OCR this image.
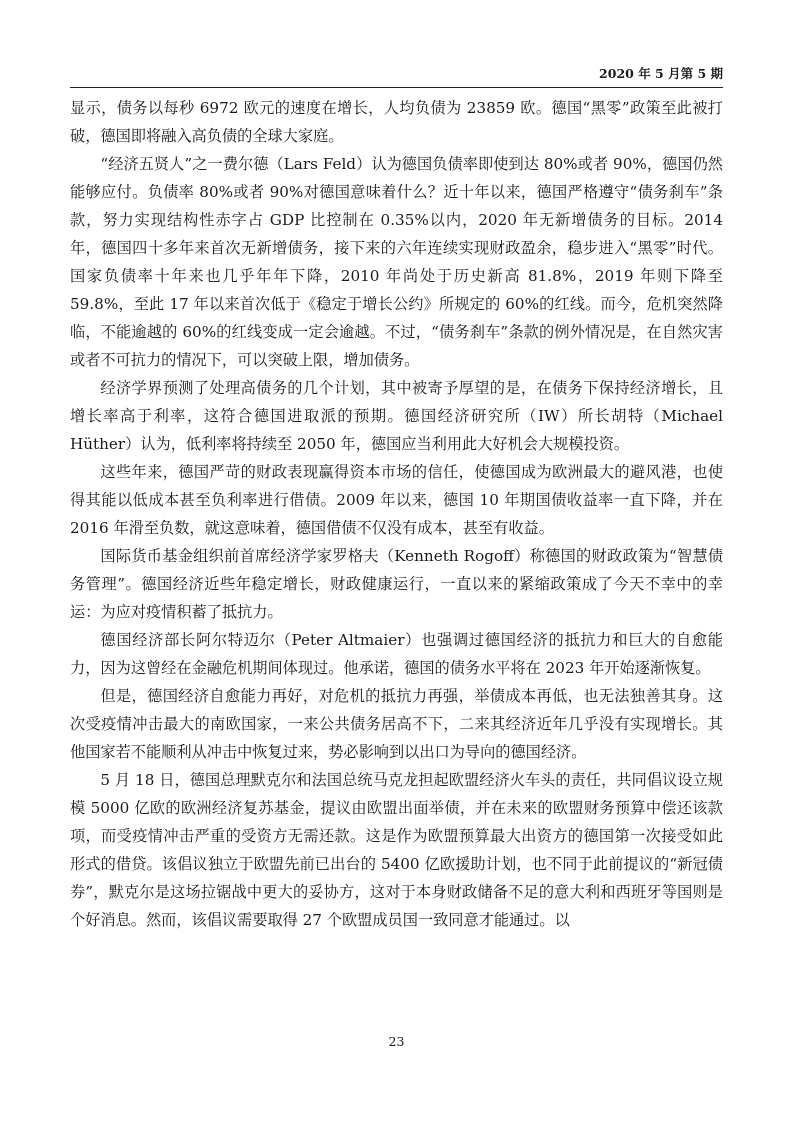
2020 年 5 月第 5 期

显示，债务以每秒 6972 欧元的速度在增长，人均负债为 23859 欧。德国“黑零”政策至此被打破，德国即将融入高负债的全球大家庭。

“经济五贤人”之一费尔德（Lars Feld）认为德国负债率即使到达 80%或者 90%，德国仍然能够应付。负债率 80%或者 90%对德国意味着什么？近十年以来，德国严格遵守“债务刹车”条款，努力实现结构性赤字占 GDP 比控制在 0.35%以内，2020 年无新增债务的目标。2014 年，德国四十多年来首次无新增债务，接下来的六年连续实现财政盈余，稳步进入“黑零”时代。国家负债率十年来也几乎年年下降，2010 年尚处于历史新高 81.8%，2019 年则下降至 59.8%，至此 17 年以来首次低于《稳定于增长公约》所规定的 60%的红线。而今，危机突然降临，不能逾越的 60%的红线变成一定会逾越。不过，“债务刹车”条款的例外情况是，在自然灾害或者不可抗力的情况下，可以突破上限，增加债务。

经济学界预测了处理高债务的几个计划，其中被寄予厚望的是，在债务下保持经济增长，且增长率高于利率，这符合德国进取派的预期。德国经济研究所（IW）所长胡特（Michael Hüther）认为，低利率将持续至 2050 年，德国应当利用此大好机会大规模投资。

这些年来，德国严苛的财政表现赢得资本市场的信任，使德国成为欧洲最大的避风港，也使得其能以低成本甚至负利率进行借债。2009 年以来，德国 10 年期国债收益率一直下降，并在 2016 年滑至负数，就这意味着，德国借债不仅没有成本，甚至有收益。

国际货币基金组织前首席经济学家罗格夫（Kenneth Rogoff）称德国的财政政策为“智慧债务管理”。德国经济近些年稳定增长，财政健康运行，一直以来的紧缩政策成了今天不幸中的幸运：为应对疫情积蓄了抵抗力。

德国经济部长阿尔特迈尔（Peter Altmaier）也强调过德国经济的抵抗力和巨大的自愈能力，因为这曾经在金融危机期间体现过。他承诺，德国的债务水平将在 2023 年开始逐渐恢复。

但是，德国经济自愈能力再好，对危机的抵抗力再强，举债成本再低，也无法独善其身。这次受疫情冲击最大的南欧国家，一来公共债务居高不下，二来其经济近年几乎没有实现增长。其他国家若不能顺利从冲击中恢复过来，势必影响到以出口为导向的德国经济。

5 月 18 日，德国总理默克尔和法国总统马克龙担起欧盟经济火车头的责任，共同倡议设立规模 5000 亿欧的欧洲经济复苏基金，提议由欧盟出面举债，并在未来的欧盟财务预算中偿还该款项，而受疫情冲击严重的受资方无需还款。这是作为欧盟预算最大出资方的德国第一次接受如此形式的借贷。该倡议独立于欧盟先前已出台的 5400 亿欧援助计划，也不同于此前提议的“新冠债券”，默克尔是这场拉锯战中更大的妥协方，这对于本身财政储备不足的意大利和西班牙等国则是个好消息。然而，该倡议需要取得 27 个欧盟成员国一致同意才能通过。以

23
